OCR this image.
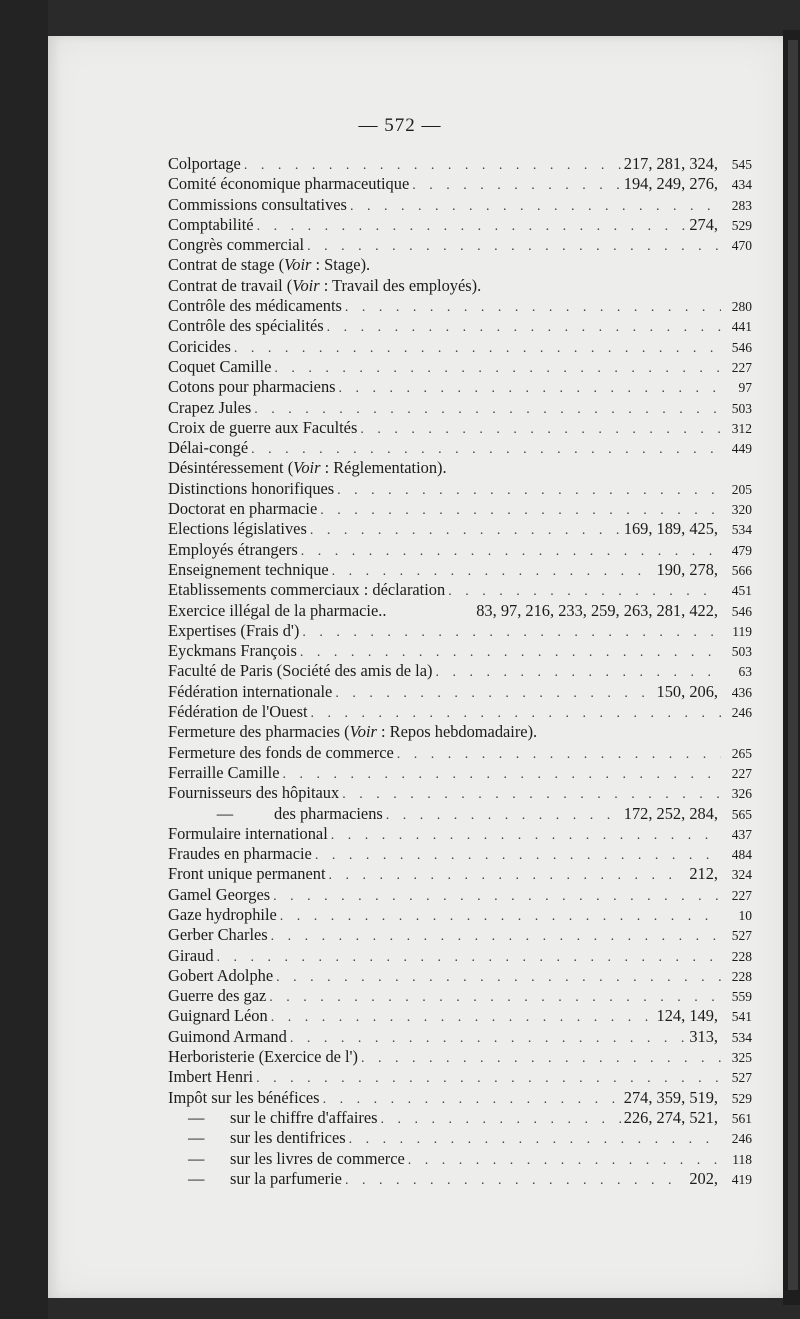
— 572 —
Colportage . . .	217, 281, 324,	545
Comité économique pharmaceutique . . .	194, 249, 276,	434
Commissions consultatives . . .	283
Comptabilité . . .	274,	529
Congrès commercial . . .	470
Contrat de stage (Voir : Stage).
Contrat de travail (Voir : Travail des employés).
Contrôle des médicaments . . .	280
Contrôle des spécialités . . .	441
Coricides . . .	546
Coquet Camille . . .	227
Cotons pour pharmaciens . . .	97
Crapez Jules . . .	503
Croix de guerre aux Facultés . . .	312
Délai-congé . . .	449
Désintéressement (Voir : Réglementation).
Distinctions honorifiques . . .	205
Doctorat en pharmacie . . .	320
Elections législatives . . .	169, 189, 425,	534
Employés étrangers . . .	479
Enseignement technique . . .	190, 278,	566
Etablissements commerciaux : déclaration . . .	451
Exercice illégal de la pharmacie..	83, 97, 216, 233, 259, 263, 281, 422,	546
Expertises (Frais d') . . .	119
Eyckmans François . . .	503
Faculté de Paris (Société des amis de la) . . .	63
Fédération internationale . . .	150, 206,	436
Fédération de l'Ouest . . .	246
Fermeture des pharmacies (Voir : Repos hebdomadaire).
Fermeture des fonds de commerce . . .	265
Ferraille Camille . . .	227
Fournisseurs des hôpitaux . . .	326
— des pharmaciens . . .	172, 252, 284,	565
Formulaire international . . .	437
Fraudes en pharmacie . . .	484
Front unique permanent . . .	212,	324
Gamel Georges . . .	227
Gaze hydrophile . . .	10
Gerber Charles . . .	527
Giraud . . .	228
Gobert Adolphe . . .	228
Guerre des gaz . . .	559
Guignard Léon . . .	124, 149,	541
Guimond Armand . . .	313,	534
Herboristerie (Exercice de l') . . .	325
Imbert Henri . . .	527
Impôt sur les bénéfices . . .	274, 359, 519,	529
— sur le chiffre d'affaires . . .	226, 274, 521,	561
— sur les dentifrices . . .	246
— sur les livres de commerce . . .	118
— sur la parfumerie . . .	202,	419
